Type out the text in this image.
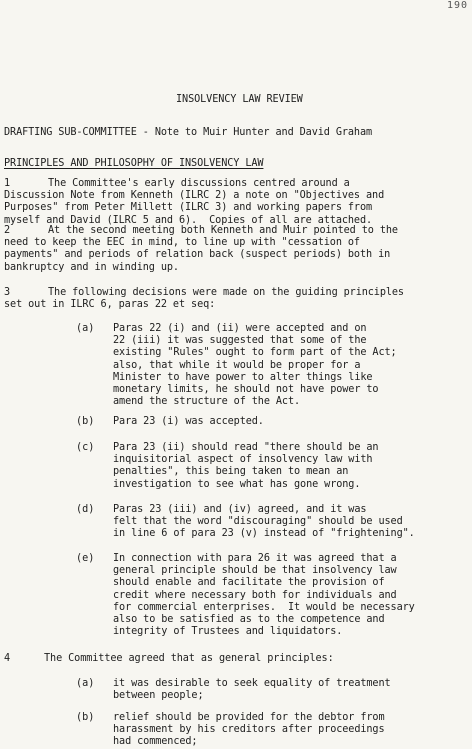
190
INSOLVENCY LAW REVIEW
DRAFTING SUB-COMMITTEE - Note to Muir Hunter and David Graham
PRINCIPLES AND PHILOSOPHY OF INSOLVENCY LAW
1	The Committee's early discussions centred around a
Discussion Note from Kenneth (ILRC 2) a note on "Objectives and
Purposes" from Peter Millett (ILRC 3) and working papers from
myself and David (ILRC 5 and 6).  Copies of all are attached.
2	At the second meeting both Kenneth and Muir pointed to the
need to keep the EEC in mind, to line up with "cessation of
payments" and periods of relation back (suspect periods) both in
bankruptcy and in winding up.
3	The following decisions were made on the guiding principles
set out in ILRC 6, paras 22 et seq:
(a) Paras 22 (i) and (ii) were accepted and on
22 (iii) it was suggested that some of the
existing "Rules" ought to form part of the Act;
also, that while it would be proper for a
Minister to have power to alter things like
monetary limits, he should not have power to
amend the structure of the Act.
(b) Para 23 (i) was accepted.
(c) Para 23 (ii) should read "there should be an
inquisitorial aspect of insolvency law with
penalties", this being taken to mean an
investigation to see what has gone wrong.
(d) Paras 23 (iii) and (iv) agreed, and it was
felt that the word "discouraging" should be used
in line 6 of para 23 (v) instead of "frightening".
(e) In connection with para 26 it was agreed that a
general principle should be that insolvency law
should enable and facilitate the provision of
credit where necessary both for individuals and
for commercial enterprises.  It would be necessary
also to be satisfied as to the competence and
integrity of Trustees and liquidators.
4	The Committee agreed that as general principles:
(a) it was desirable to seek equality of treatment
between people;
(b) relief should be provided for the debtor from
harassment by his creditors after proceedings
had commenced;
